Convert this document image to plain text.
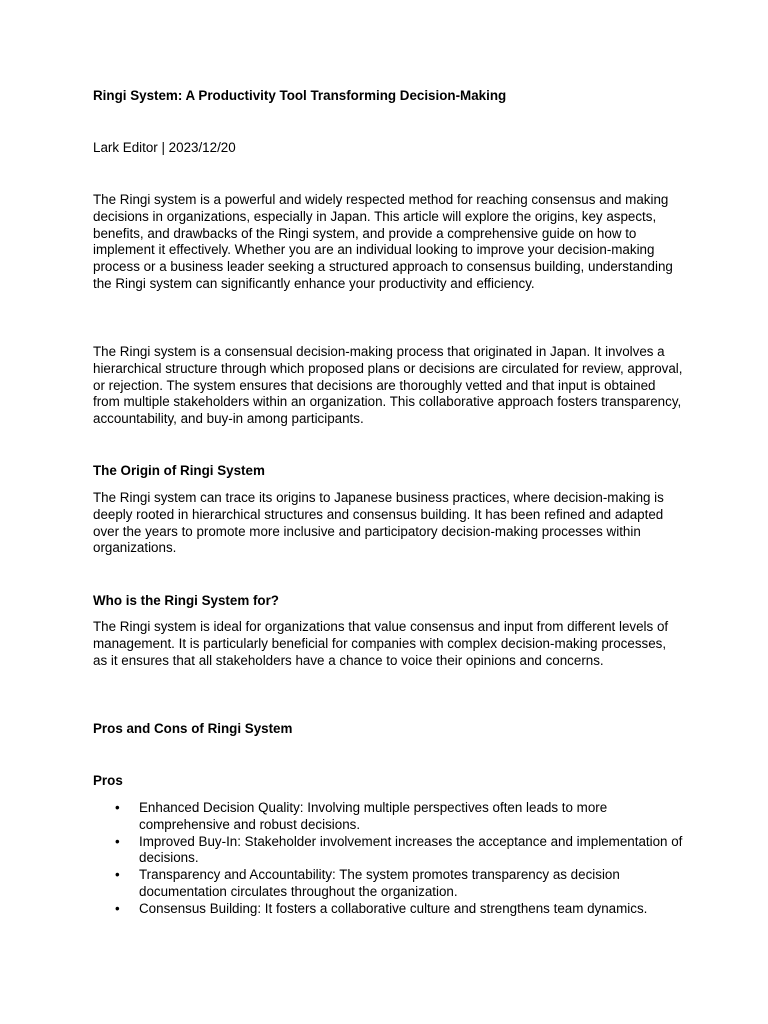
Ringi System: A Productivity Tool Transforming Decision-Making

Lark Editor | 2023/12/20

The Ringi system is a powerful and widely respected method for reaching consensus and making decisions in organizations, especially in Japan. This article will explore the origins, key aspects, benefits, and drawbacks of the Ringi system, and provide a comprehensive guide on how to implement it effectively. Whether you are an individual looking to improve your decision-making process or a business leader seeking a structured approach to consensus building, understanding the Ringi system can significantly enhance your productivity and efficiency.

The Ringi system is a consensual decision-making process that originated in Japan. It involves a hierarchical structure through which proposed plans or decisions are circulated for review, approval, or rejection. The system ensures that decisions are thoroughly vetted and that input is obtained from multiple stakeholders within an organization. This collaborative approach fosters transparency, accountability, and buy-in among participants.

The Origin of Ringi System

The Ringi system can trace its origins to Japanese business practices, where decision-making is deeply rooted in hierarchical structures and consensus building. It has been refined and adapted over the years to promote more inclusive and participatory decision-making processes within organizations.

Who is the Ringi System for?

The Ringi system is ideal for organizations that value consensus and input from different levels of management. It is particularly beneficial for companies with complex decision-making processes, as it ensures that all stakeholders have a chance to voice their opinions and concerns.

Pros and Cons of Ringi System

Pros

• Enhanced Decision Quality: Involving multiple perspectives often leads to more comprehensive and robust decisions.
• Improved Buy-In: Stakeholder involvement increases the acceptance and implementation of decisions.
• Transparency and Accountability: The system promotes transparency as decision documentation circulates throughout the organization.
• Consensus Building: It fosters a collaborative culture and strengthens team dynamics.
